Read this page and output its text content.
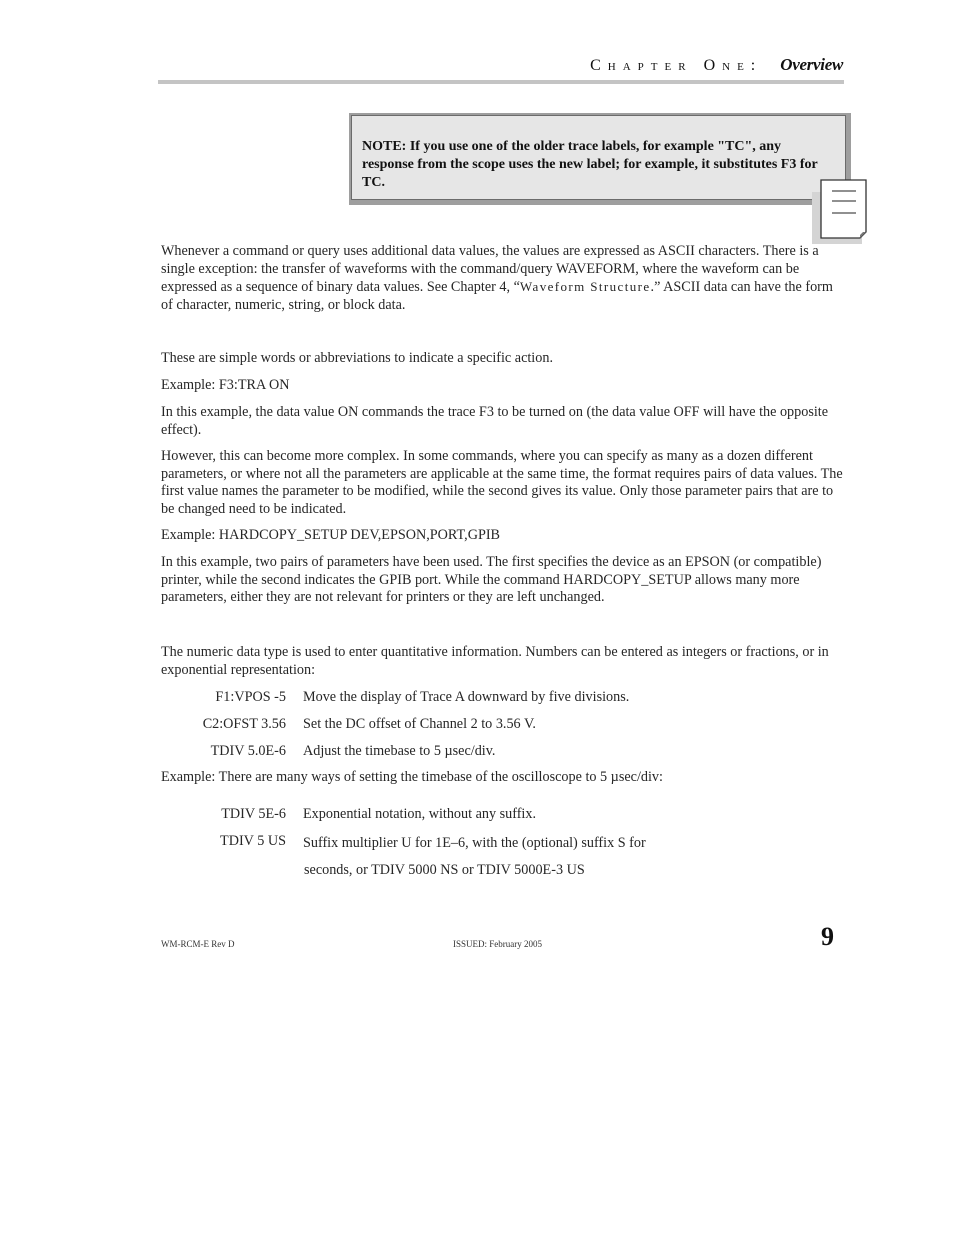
Chapter One: Overview
NOTE: If you use one of the older trace labels, for example "TC", any response from the scope uses the new label; for example, it substitutes F3 for TC.
Whenever a command or query uses additional data values, the values are expressed as ASCII characters. There is a single exception: the transfer of waveforms with the command/query WAVEFORM, where the waveform can be expressed as a sequence of binary data values. See Chapter 4, “Waveform Structure.” ASCII data can have the form of character, numeric, string, or block data.
These are simple words or abbreviations to indicate a specific action.
Example: F3:TRA ON
In this example, the data value ON commands the trace F3 to be turned on (the data value OFF will have the opposite effect).
However, this can become more complex. In some commands, where you can specify as many as a dozen different parameters, or where not all the parameters are applicable at the same time, the format requires pairs of data values. The first value names the parameter to be modified, while the second gives its value. Only those parameter pairs that are to be changed need to be indicated.
Example: HARDCOPY_SETUP DEV,EPSON,PORT,GPIB
In this example, two pairs of parameters have been used. The first specifies the device as an EPSON (or compatible) printer, while the second indicates the GPIB port. While the command HARDCOPY_SETUP allows many more parameters, either they are not relevant for printers or they are left unchanged.
The numeric data type is used to enter quantitative information. Numbers can be entered as integers or fractions, or in exponential representation:
F1:VPOS -5 Move the display of Trace A downward by five divisions.
C2:OFST 3.56 Set the DC offset of Channel 2 to 3.56 V.
TDIV 5.0E-6 Adjust the timebase to 5 µsec/div.
Example: There are many ways of setting the timebase of the oscilloscope to 5 µsec/div:
TDIV 5E-6 Exponential notation, without any suffix.
TDIV 5 US Suffix multiplier U for 1E–6, with the (optional) suffix S for
seconds, or TDIV 5000 NS or TDIV 5000E-3 US
WM-RCM-E Rev D	ISSUED: February 2005	9
